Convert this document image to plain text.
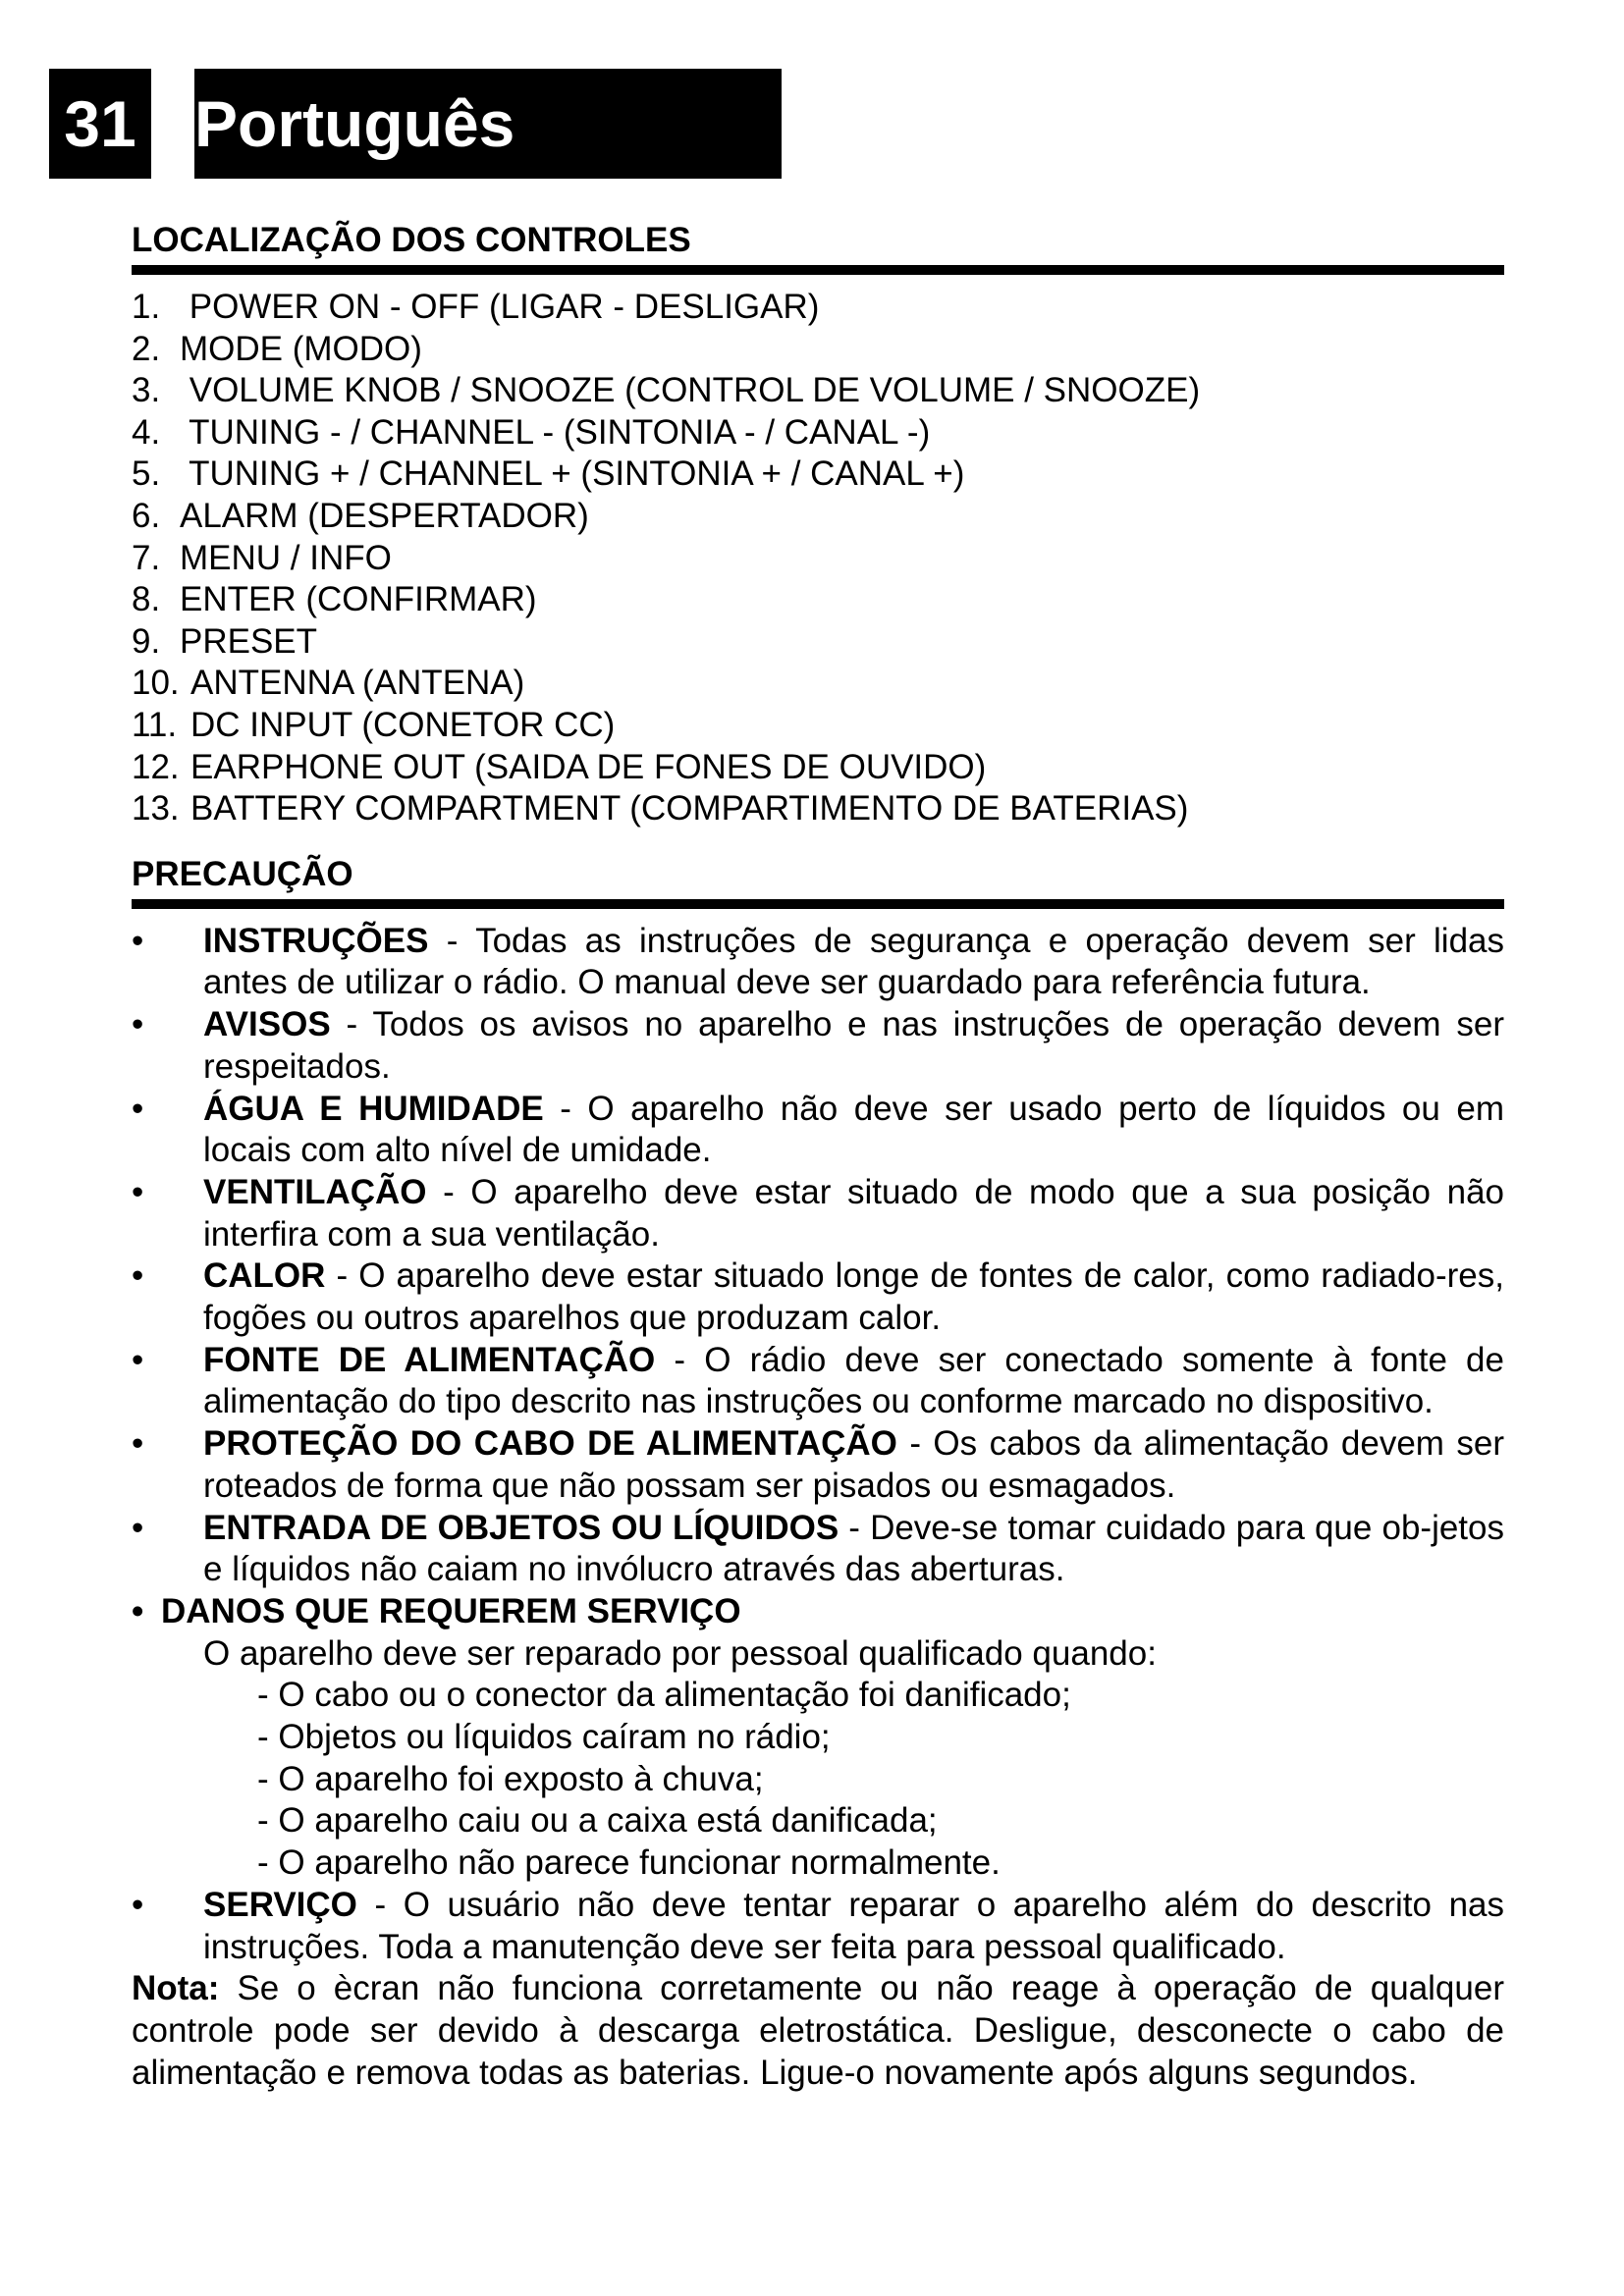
31 Português
LOCALIZAÇÃO DOS CONTROLES
1. POWER ON - OFF (LIGAR - DESLIGAR)
2. MODE (MODO)
3. VOLUME KNOB / SNOOZE (CONTROL DE VOLUME / SNOOZE)
4. TUNING - / CHANNEL - (SINTONIA - / CANAL -)
5. TUNING + / CHANNEL + (SINTONIA + / CANAL +)
6. ALARM (DESPERTADOR)
7. MENU / INFO
8. ENTER (CONFIRMAR)
9. PRESET
10. ANTENNA (ANTENA)
11. DC INPUT (CONETOR CC)
12. EARPHONE OUT (SAIDA DE FONES DE OUVIDO)
13. BATTERY COMPARTMENT (COMPARTIMENTO DE BATERIAS)
PRECAUÇÃO
• INSTRUÇÕES - Todas as instruções de segurança e operação devem ser lidas antes de utilizar o rádio. O manual deve ser guardado para referência futura.
• AVISOS - Todos os avisos no aparelho e nas instruções de operação devem ser respeitados.
• ÁGUA E HUMIDADE - O aparelho não deve ser usado perto de líquidos ou em locais com alto nível de umidade.
• VENTILAÇÃO - O aparelho deve estar situado de modo que a sua posição não interfira com a sua ventilação.
• CALOR - O aparelho deve estar situado longe de fontes de calor, como radiado-res, fogões ou outros aparelhos que produzam calor.
• FONTE DE ALIMENTAÇÃO - O rádio deve ser conectado somente à fonte de alimentação do tipo descrito nas instruções ou conforme marcado no dispositivo.
• PROTEÇÃO DO CABO DE ALIMENTAÇÃO - Os cabos da alimentação devem ser roteados de forma que não possam ser pisados ou esmagados.
• ENTRADA DE OBJETOS OU LÍQUIDOS - Deve-se tomar cuidado para que ob-jetos e líquidos não caiam no invólucro através das aberturas.
• DANOS QUE REQUEREM SERVIÇO
O aparelho deve ser reparado por pessoal qualificado quando:
- O cabo ou o conector da alimentação foi danificado;
- Objetos ou líquidos caíram no rádio;
- O aparelho foi exposto à chuva;
- O aparelho caiu ou a caixa está danificada;
- O aparelho não parece funcionar normalmente.
• SERVIÇO - O usuário não deve tentar reparar o aparelho além do descrito nas instruções. Toda a manutenção deve ser feita para pessoal qualificado.

Nota: Se o ècran não funciona corretamente ou não reage à operação de qualquer controle pode ser devido à descarga eletrostática. Desligue, desconecte o cabo de alimentação e remova todas as baterias. Ligue-o novamente após alguns segundos.
